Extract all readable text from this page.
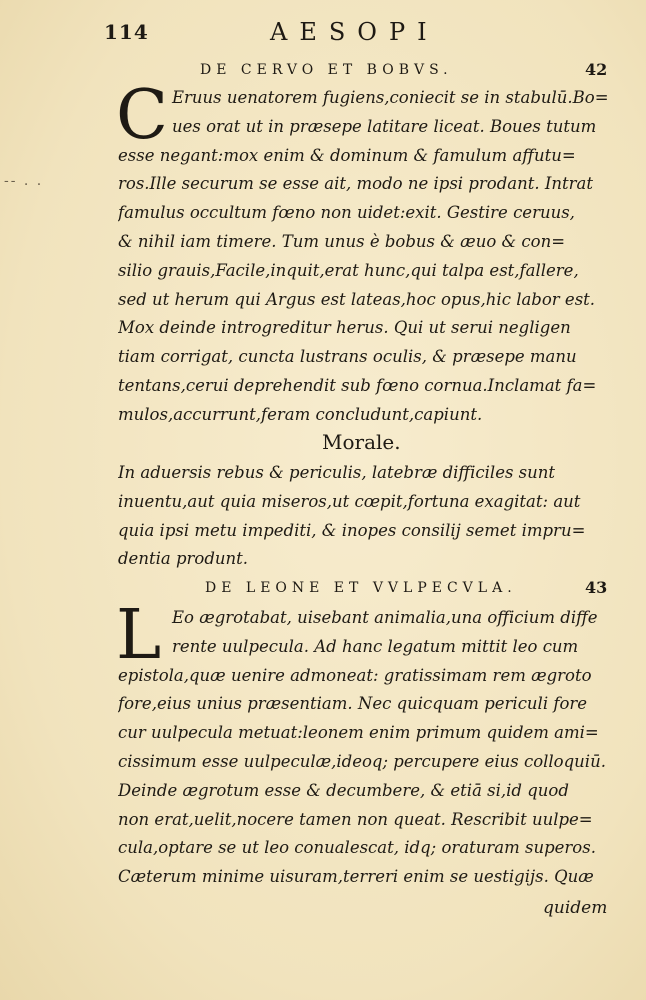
114	AESOPI
DE CERVO ET BOBVS.	42
C Eruus uenatorem fugiens,coniecit se in stabulū.Bo=
ues orat ut in præsepe latitare liceat. Boues tutum
esse negant:mox enim & dominum & famulum affutu=
ros.Ille securum se esse ait, modo ne ipsi prodant. Intrat
famulus occultum fœno non uidet:exit. Gestire ceruus,
& nihil iam timere. Tum unus è bobus & æuo & con=
silio grauis,Facile,inquit,erat hunc,qui talpa est,fallere,
sed ut herum qui Argus est lateas,hoc opus,hic labor est.
Mox deinde introgreditur herus. Qui ut serui negligen
tiam corrigat, cuncta lustrans oculis, & præsepe manu
tentans,cerui deprehendit sub fœno cornua.Inclamat fa=
mulos,accurrunt,feram concludunt,capiunt.
-- . .
Morale.
In aduersis rebus & periculis, latebræ difficiles sunt
inuentu,aut quia miseros,ut cœpit,fortuna exagitat: aut
quia ipsi metu impediti, & inopes consilij semet impru=
dentia produnt.
DE LEONE ET VVLPECVLA.	43
L Eo ægrotabat, uisebant animalia,una officium diffe
rente uulpecula. Ad hanc legatum mittit leo cum
epistola,quæ uenire admoneat: gratissimam rem ægroto
fore,eius unius præsentiam. Nec quicquam periculi fore
cur uulpecula metuat:leonem enim primum quidem ami=
cissimum esse uulpeculæ,ideoq; percupere eius colloquiū.
Deinde ægrotum esse & decumbere, & etiā si,id quod
non erat,uelit,nocere tamen non queat. Rescribit uulpe=
cula,optare se ut leo conualescat, idq; oraturam superos.
Cæterum minime uisuram,terreri enim se uestigijs. Quæ
quidem
